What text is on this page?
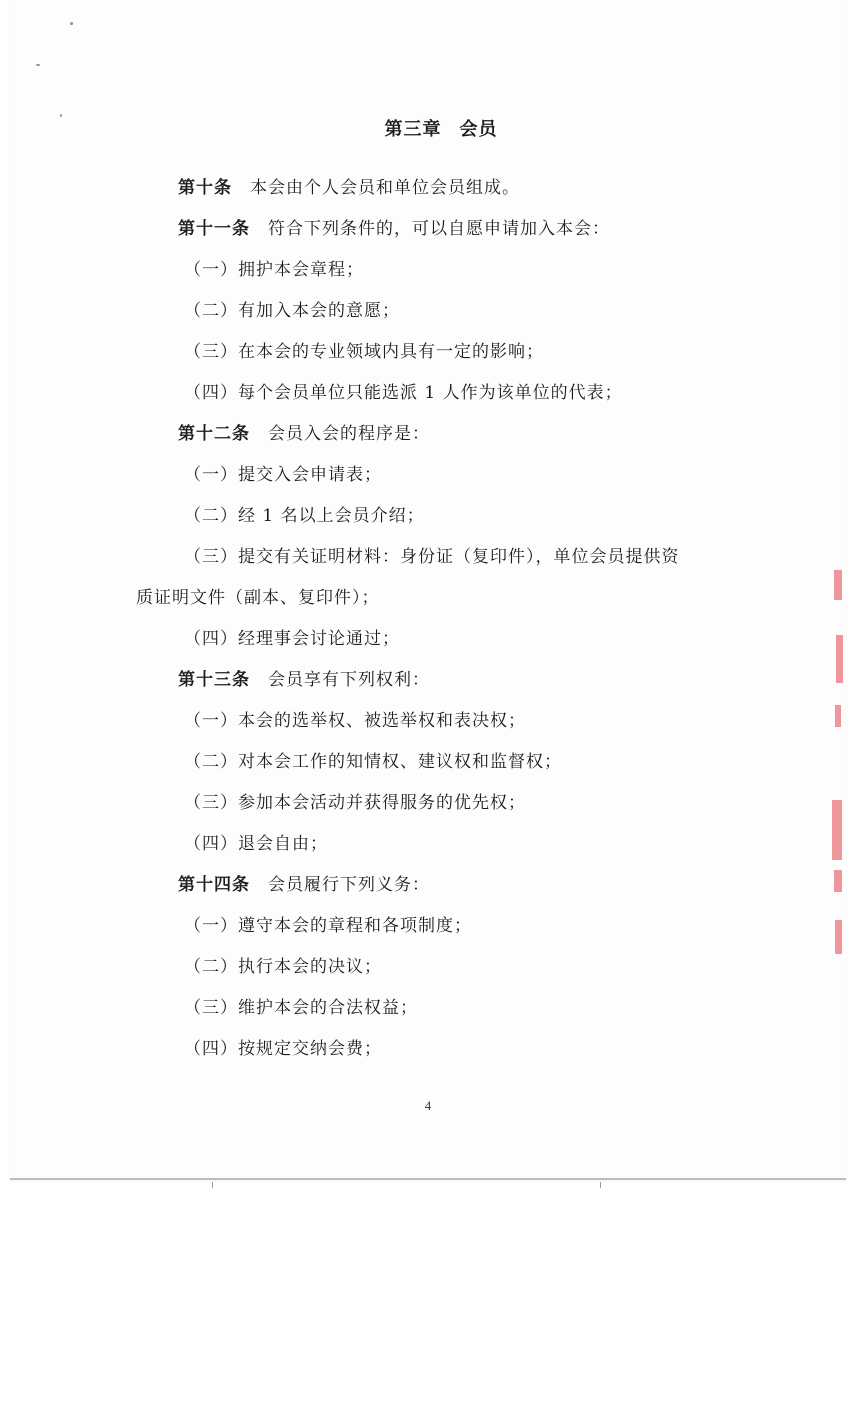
第三章 会员
第十条 本会由个人会员和单位会员组成。
第十一条 符合下列条件的，可以自愿申请加入本会：
（一）拥护本会章程；
（二）有加入本会的意愿；
（三）在本会的专业领域内具有一定的影响；
（四）每个会员单位只能选派 1 人作为该单位的代表；
第十二条 会员入会的程序是：
（一）提交入会申请表；
（二）经 1 名以上会员介绍；
（三）提交有关证明材料：身份证（复印件），单位会员提供资
质证明文件（副本、复印件）；
（四）经理事会讨论通过；
第十三条 会员享有下列权利：
（一）本会的选举权、被选举权和表决权；
（二）对本会工作的知情权、建议权和监督权；
（三）参加本会活动并获得服务的优先权；
（四）退会自由；
第十四条 会员履行下列义务：
（一）遵守本会的章程和各项制度；
（二）执行本会的决议；
（三）维护本会的合法权益；
（四）按规定交纳会费；
4
